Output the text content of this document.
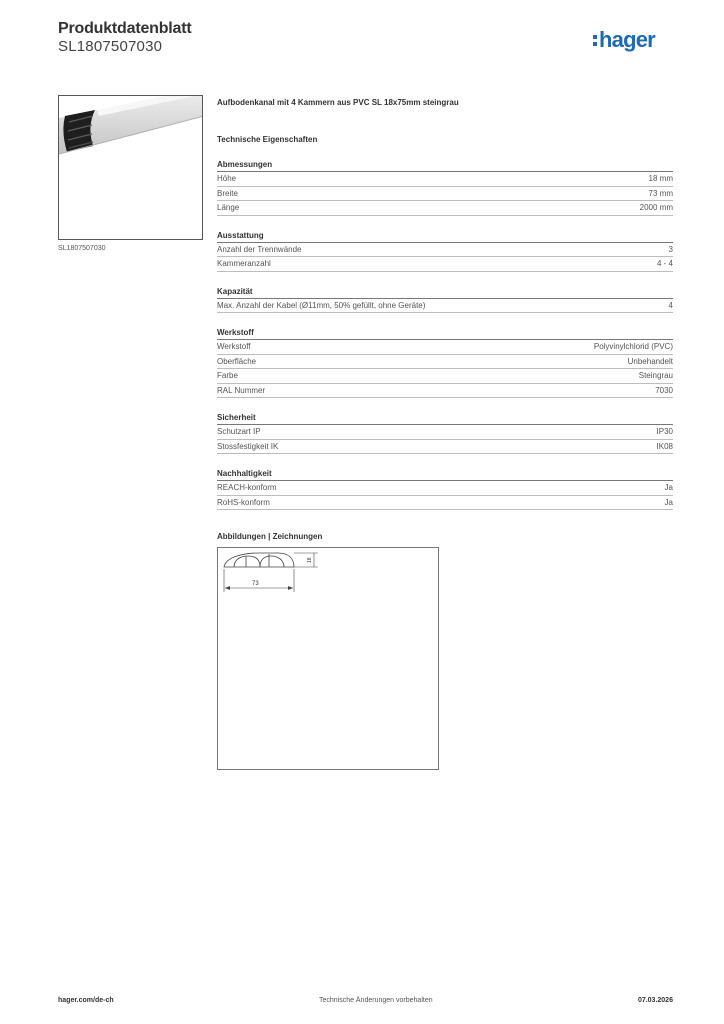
Produktdatenblatt
SL1807507030	hager
SL1807507030
Aufbodenkanal mit 4 Kammern aus PVC SL 18x75mm steingrau
Technische Eigenschaften
Abmessungen
Höhe	18 mm
Breite	73 mm
Länge	2000 mm
Ausstattung
Anzahl der Trennwände	3
Kammeranzahl	4 - 4
Kapazität
Max. Anzahl der Kabel (Ø11mm, 50% gefüllt, ohne Geräte)	4
Werkstoff
Werkstoff	Polyvinylchlorid (PVC)
Oberfläche	Unbehandelt
Farbe	Steingrau
RAL Nummer	7030
Sicherheit
Schutzart IP	IP30
Stossfestigkeit IK	IK08
Nachhaltigkeit
REACH-konform	Ja
RoHS-konform	Ja
Abbildungen | Zeichnungen
73
18
hager.com/de-ch	Technische Änderungen vorbehalten	07.03.2026
